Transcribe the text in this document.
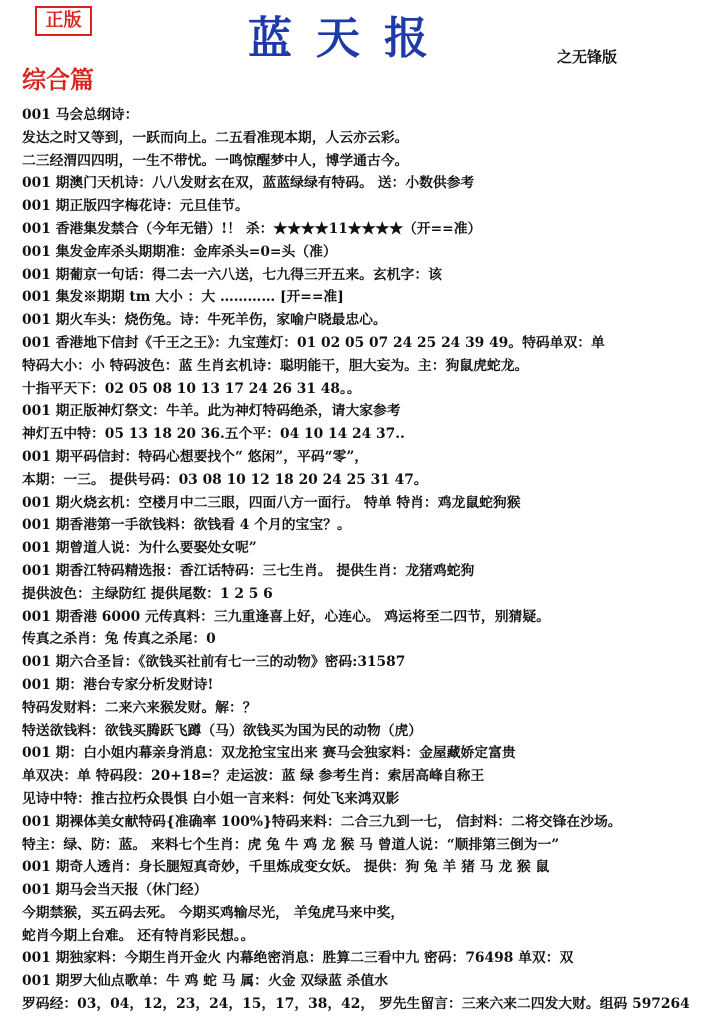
正版	蓝天报	之无锋版
综合篇
001 马会总纲诗：
发达之时又等到，一跃而向上。二五看准现本期，人云亦云彩。
二三经渭四四明，一生不带忧。一鸣惊醒梦中人，博学通古今。
001 期澳门天机诗：八八发财玄在双，蓝蓝绿绿有特码。 送：小数供参考
001 期正版四字梅花诗：元旦佳节。
001 香港集发禁合（今年无错）!！ 杀：★★★★11★★★★（开==准）
001 集发金库杀头期期准：金库杀头=0=头（准）
001 期葡京一句话：得二去一六八送，七九得三开五来。玄机字：该
001 集发※期期 tm 大小 ：大 ………… [开==准]
001 期火车头：烧伤兔。诗：牛死羊伤，家喻户晓最忠心。
001 香港地下信封《千王之王》：九宝莲灯：01 02 05 07 24 25 24 39 49。特码单双：单
特码大小：小 特码波色：蓝 生肖玄机诗：聪明能干，胆大妄为。主：狗鼠虎蛇龙。
十指平天下：02 05 08 10 13 17 24 26 31 48。。
001 期正版神灯祭文：牛羊。此为神灯特码绝杀，请大家参考
神灯五中特：05 13 18 20 36.五个平：04 10 14 24 37..
001 期平码信封：特码心想要找个“ 悠闲”，平码“零”，
本期：一三。 提供号码：03 08 10 12 18 20 24 25 31 47。
001 期火烧玄机：空楼月中二三眼，四面八方一面行。 特单 特肖：鸡龙鼠蛇狗猴
001 期香港第一手欲钱料：欲钱看 4 个月的宝宝？。
001 期曾道人说：为什么要娶处女呢”
001 期香江特码精选报：香江话特码：三七生肖。 提供生肖：龙猪鸡蛇狗
提供波色：主绿防红 提供尾数：1 2 5 6
001 期香港 6000 元传真料：三九重逢喜上好，心连心。 鸡运将至二四节，别猜疑。
传真之杀肖：兔 传真之杀尾：0
001 期六合圣旨：《欲钱买社前有七一三的动物》密码:31587
001 期：港台专家分析发财诗!
特码发财料：二来六来猴发财。解：？
特送欲钱料：欲钱买腾跃飞蹲（马）欲钱买为国为民的动物（虎）
001 期：白小姐内幕亲身消息：双龙抢宝宝出来 赛马会独家料：金屋藏娇定富贵
单双决：单 特码段：20+18=？走运波：蓝 绿 参考生肖：索居高峰自称王
见诗中特：推古拉朽众畏惧 白小姐一言来料：何处飞来鸿双影
001 期裸体美女献特码{准确率 100%}特码来料：二合三九到一七， 信封料：二将交锋在沙场。
特主：绿、防：蓝。 来料七个生肖：虎 兔 牛 鸡 龙 猴 马 曾道人说：“顺排第三倒为一”
001 期奇人透肖：身长腿短真奇妙，千里炼成变女妖。 提供：狗 兔 羊 猪 马 龙 猴 鼠
001 期马会当天报（休门经）
今期禁猴，买五码去死。 今期买鸡输尽光， 羊兔虎马来中奖，
蛇肖今期上台难。 还有特肖彩民想。。
001 期独家料：今期生肖开金火 内幕绝密消息：胜算二三看中九 密码：76498 单双：双
001 期罗大仙点歌单：牛 鸡 蛇 马 属：火金 双绿蓝 杀值水
罗码经：03，04，12，23，24，15，17，38，42， 罗先生留言：三来六来二四发大财。组码 597264
